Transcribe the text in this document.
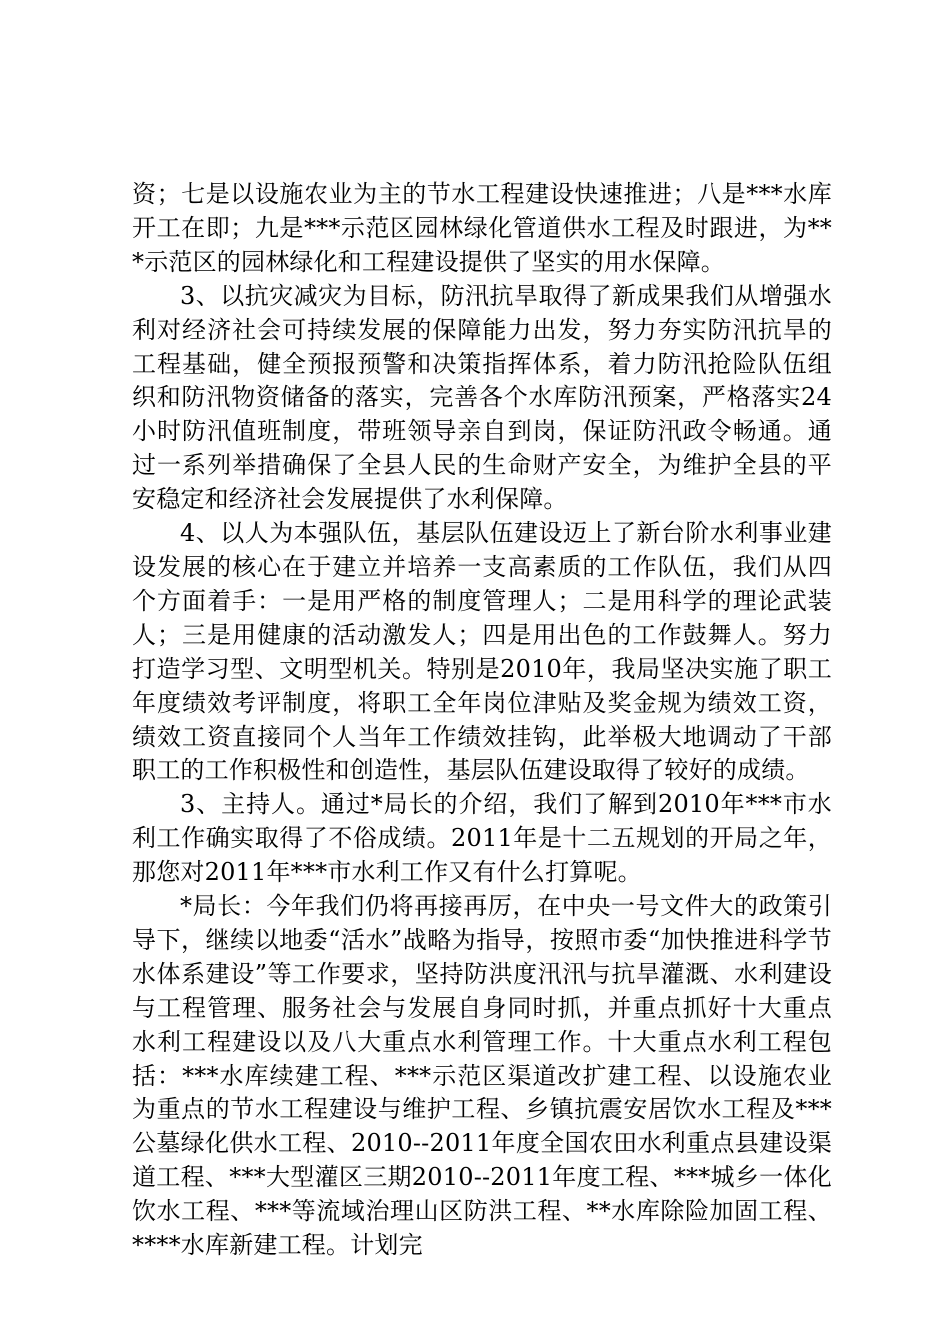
资；七是以设施农业为主的节水工程建设快速推进；八是***水库开工在即；九是***示范区园林绿化管道供水工程及时跟进，为***示范区的园林绿化和工程建设提供了坚实的用水保障。

3、以抗灾减灾为目标，防汛抗旱取得了新成果我们从增强水利对经济社会可持续发展的保障能力出发，努力夯实防汛抗旱的工程基础，健全预报预警和决策指挥体系，着力防汛抢险队伍组织和防汛物资储备的落实，完善各个水库防汛预案，严格落实24小时防汛值班制度，带班领导亲自到岗，保证防汛政令畅通。通过一系列举措确保了全县人民的生命财产安全，为维护全县的平安稳定和经济社会发展提供了水利保障。

4、以人为本强队伍，基层队伍建设迈上了新台阶水利事业建设发展的核心在于建立并培养一支高素质的工作队伍，我们从四个方面着手：一是用严格的制度管理人；二是用科学的理论武装人；三是用健康的活动激发人；四是用出色的工作鼓舞人。努力打造学习型、文明型机关。特别是2010年，我局坚决实施了职工年度绩效考评制度，将职工全年岗位津贴及奖金规为绩效工资，绩效工资直接同个人当年工作绩效挂钩，此举极大地调动了干部职工的工作积极性和创造性，基层队伍建设取得了较好的成绩。

3、主持人。通过*局长的介绍，我们了解到2010年***市水利工作确实取得了不俗成绩。2011年是十二五规划的开局之年，那您对2011年***市水利工作又有什么打算呢。

*局长：今年我们仍将再接再厉，在中央一号文件大的政策引导下，继续以地委“活水”战略为指导，按照市委“加快推进科学节水体系建设”等工作要求，坚持防洪度汛汛与抗旱灌溉、水利建设与工程管理、服务社会与发展自身同时抓，并重点抓好十大重点水利工程建设以及八大重点水利管理工作。十大重点水利工程包括：***水库续建工程、***示范区渠道改扩建工程、以设施农业为重点的节水工程建设与维护工程、乡镇抗震安居饮水工程及***公墓绿化供水工程、2010--2011年度全国农田水利重点县建设渠道工程、***大型灌区三期2010--2011年度工程、***城乡一体化饮水工程、***等流域治理山区防洪工程、**水库除险加固工程、****水库新建工程。计划完
